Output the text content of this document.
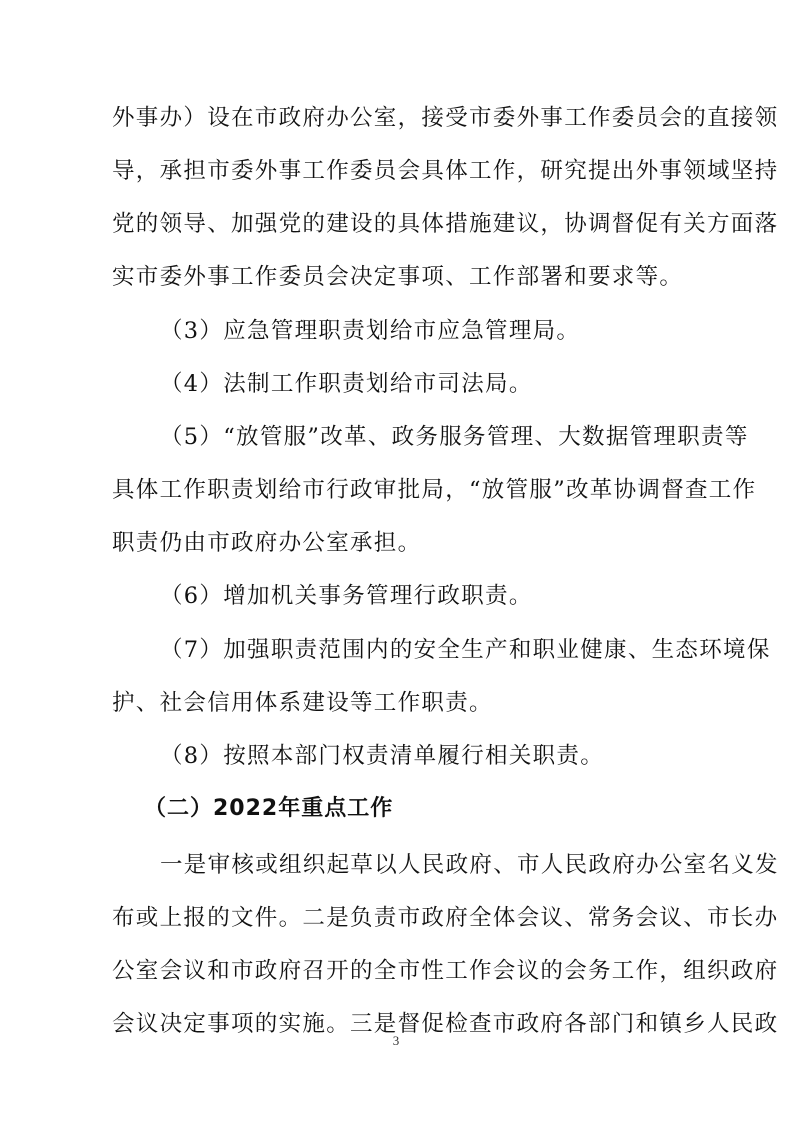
外事办）设在市政府办公室，接受市委外事工作委员会的直接领
导，承担市委外事工作委员会具体工作，研究提出外事领域坚持
党的领导、加强党的建设的具体措施建议，协调督促有关方面落
实市委外事工作委员会决定事项、工作部署和要求等。
（3）应急管理职责划给市应急管理局。
（4）法制工作职责划给市司法局。
（5）“放管服”改革、政务服务管理、大数据管理职责等
具体工作职责划给市行政审批局，“放管服”改革协调督查工作
职责仍由市政府办公室承担。
（6）增加机关事务管理行政职责。
（7）加强职责范围内的安全生产和职业健康、生态环境保
护、社会信用体系建设等工作职责。
（8）按照本部门权责清单履行相关职责。
（二）2022年重点工作
一是审核或组织起草以人民政府、市人民政府办公室名义发
布或上报的文件。二是负责市政府全体会议、常务会议、市长办
公室会议和市政府召开的全市性工作会议的会务工作，组织政府
会议决定事项的实施。三是督促检查市政府各部门和镇乡人民政
3
